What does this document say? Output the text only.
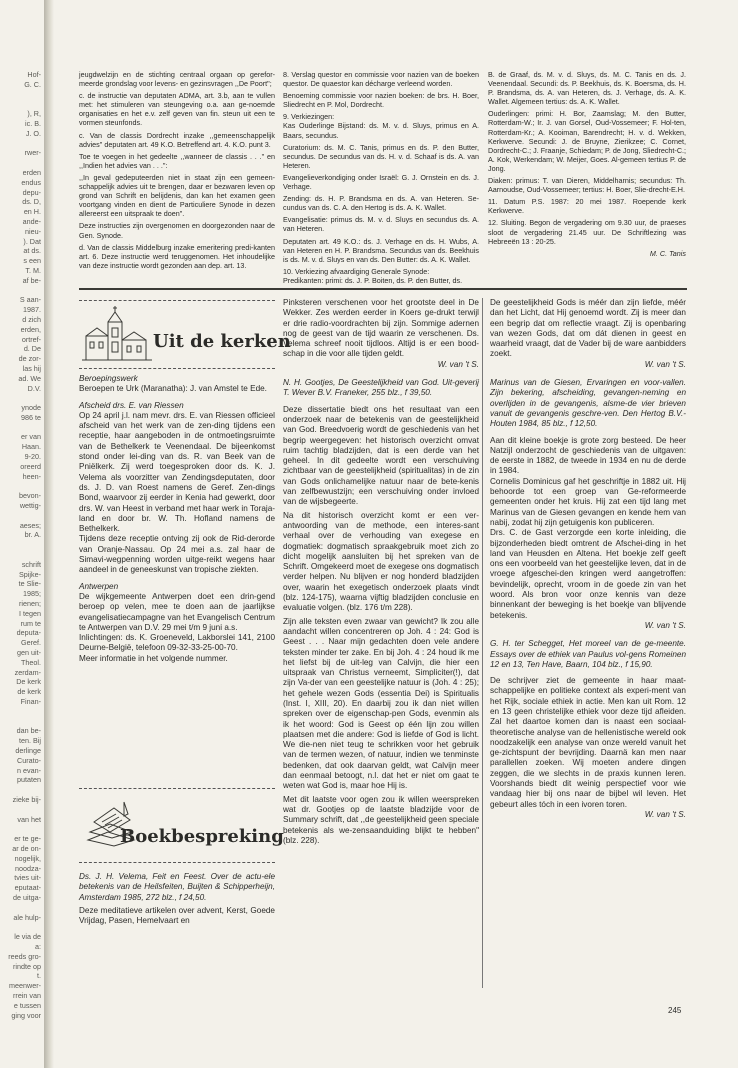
Hof-
G. C.

), R,
ic. B.
J. O.

rwer-

erden
endus
depu-
ds. D,
en H.
ande-
nieu-
). Dat
at ds.
s een
T. M.
af be-

S aan-
1987.
d zich
erden,
ortref-
d. De
de zor-
las hij
ad. We
D.V.

ynode
986 te

er van
Haan.
9-20.
oreerd
heen-

bevon-
wettig-

aeses;
br. A.

schrift
Spijke-
te Slie-
1985;
rienen;
I tegen
rum te
deputa-
Geref.
gen uit-
Theol.
zerdam-
De kerk
de kerk
Finan-

dan be-
ten. Bij
derlinge
Curato-
n evan-
putaten

zieke bij-

van het

er te ge-
ar de on-
nogelijk,
noodza-
tvies uit-
eputaat-
de uitga-

ale hulp-

le via de
a:
reeds gro-
rindte op
t.
meenwer-
rrein van
e tussen
ging voor

jeugdwelzijn en de stichting centraal orgaan op gerefor-meerde grondslag voor levens- en gezinsvragen ,,De Poort";

c. de instructie van deputaten ADMA, art. 3.b, aan te vullen met: het stimuleren van steungeving o.a. aan ge-noemde organisaties en het e.v. zelf geven van fin. steun uit een te vormen steunfonds.

c. Van de classis Dordrecht inzake ,,gemeenschappelijk advies" deputaten art. 49 K.O. Betreffend art. 4. K.O. punt 3.

Toe te voegen in het gedeelte ,,wanneer de classis . . ." en ,,Indien het advies van . . .":

,,In geval gedeputeerden niet in staat zijn een gemeen-schappelijk advies uit te brengen, daar er bezwaren leven op grond van Schrift en belijdenis, dan kan het examen geen voortgang vinden en dient de Particuliere Synode in dezen allereerst een uitspraak te doen".

Deze instructies zijn overgenomen en doorgezonden naar de Gen. Synode.

d. Van de classis Middelburg inzake emeritering predi-kanten art. 6. Deze instructie werd teruggenomen. Het inhoudelijke van deze instructie wordt gezonden aan dep. art. 13.

8. Verslag questor en commissie voor nazien van de boeken questor. De quaestor kan décharge verleend worden.

Benoeming commissie voor nazien boeken: de brs. H. Boer, Sliedrecht en P. Mol, Dordrecht.

9. Verkiezingen:

Kas Ouderlinge Bijstand: ds. M. v. d. Sluys, primus en A. Baars, secundus.

Curatorium: ds. M. C. Tanis, primus en ds. P. den Butter, secundus. De secundus van ds. H. v. d. Schaaf is ds. A. van Heteren.

Evangelieverkondiging onder Israël: G. J. Ornstein en ds. J. Verhage.

Zending: ds. H. P. Brandsma en ds. A. van Heteren. Se-cundus van ds. C. A. den Hertog is ds. A. K. Wallet.

Evangelisatie: primus ds. M. v. d. Sluys en secundus ds. A. van Heteren.

Deputaten art. 49 K.O.: ds. J. Verhage en ds. H. Wubs, A. van Heteren en H. P. Brandsma. Secundus van ds. Beekhuis is ds. M. v. d. Sluys en van ds. Den Butter: ds. A. K. Wallet.

10. Verkiezing afvaardiging Generale Synode:

Predikanten: primi: ds. J. P. Boiten, ds. P. den Butter, ds.

B. de Graaf, ds. M. v. d. Sluys, ds. M. C. Tanis en ds. J. Veenendaal. Secundi: ds. P. Beekhuis, ds. K. Boersma, ds. H. P. Brandsma, ds. A. van Heteren, ds. J. Verhage, ds. A. K. Wallet. Algemeen tertius: ds. A. K. Wallet.

Ouderlingen: primi: H. Bor, Zaamslag; M. den Butter, Rotterdam-W.; Ir. J. van Gorsel, Oud-Vossemeer; F. Hol-ten, Rotterdam-Kr.; A. Kooiman, Barendrecht; H. v. d. Wekken, Kerkwerve. Secundi: J. de Bruyne, Zierikzee; C. Cornet, Dordrecht-C.; J. Fraanje, Schiedam; P. de Jong, Sliedrecht-C.; A. Kok, Werkendam; W. Meijer, Goes. Al-gemeen tertius P. de Jong.

Diaken: primus: T. van Dieren, Middelharnis; secundus: Th. Aarnoudse, Oud-Vossemeer; tertius: H. Boer, Slie-drecht-E.H.

11. Datum P.S. 1987: 20 mei 1987. Roepende kerk Kerkwerve.

12. Sluiting. Begon de vergadering om 9.30 uur, de praeses sloot de vergadering 21.45 uur. De Schriftlezing was Hebreeën 13 : 20-25.

M. C. Tanis

Uit de kerken

Beroepingswerk

Beroepen te Urk (Maranatha): J. van Amstel te Ede.

Afscheid drs. E. van Riessen

Op 24 april j.l. nam mevr. drs. E. van Riessen officieel afscheid van het werk van de zen-ding tijdens een receptie, haar aangeboden in de ontmoetingsruimte van de Bethelkerk te Veenendaal. De bijeenkomst stond onder lei-ding van ds. R. van Beek van de Pniëlkerk. Zij werd toegesproken door ds. K. J. Velema als voorzitter van Zendingsdeputaten, door ds. J. D. van Roest namens de Geref. Zen-dings Bond, waarvoor zij eerder in Kenia had gewerkt, door drs. W. van Heest in verband met haar werk in Toraja-land en door br. W. Th. Hofland namens de Bethelkerk.

Tijdens deze receptie ontving zij ook de Rid-derorde van Oranje-Nassau. Op 24 mei a.s. zal haar de Simavi-wegpenning worden uitge-reikt wegens haar aandeel in de geneeskunst van tropische ziekten.

Antwerpen

De wijkgemeente Antwerpen doet een drin-gend beroep op velen, mee te doen aan de jaarlijkse evangelisatiecampagne van het Evangelisch Centrum te Antwerpen van D.V. 29 mei t/m 9 juni a.s.

Inlichtingen: ds. K. Groeneveld, Lakborslei 141, 2100 Deurne-België, telefoon 09-32-33-25-00-70.

Meer informatie in het volgende nummer.

Boekbespreking

Ds. J. H. Velema, Feit en Feest. Over de actu-ele betekenis van de Heilsfeiten, Buijten & Schipperheijn, Amsterdam 1985, 272 blz., f 24,50.

Deze meditatieve artikelen over advent, Kerst, Goede Vrijdag, Pasen, Hemelvaart en

Pinksteren verschenen voor het grootste deel in De Wekker. Zes werden eerder in Koers ge-drukt terwijl er drie radio-voordrachten bij zijn. Sommige adernen nog de geest van de tijd waarin ze verschenen. Ds. Velema schreef nooit tijdloos. Altijd is er een bood-schap in die voor alle tijden geldt.

W. van 't S.

N. H. Gootjes, De Geestelijkheid van God. Uit-geverij T. Wever B.V. Franeker, 255 blz., f 39,50.

Deze dissertatie biedt ons het resultaat van een onderzoek naar de betekenis van de geestelijkheid van God. Breedvoerig wordt de geschiedenis van het begrip weergegeven: het historisch overzicht omvat ruim tachtig bladzijden, dat is een derde van het geheel. In dit gedeelte wordt een verschuiving zichtbaar van de geestelijkheid (spiritualitas) in de zin van Gods onlichamelijke natuur naar de bete-kenis van zelfbewustzijn; een verschuiving onder invloed van de wijsbegeerte.

Na dit historisch overzicht komt er een ver-antwoording van de methode, een interes-sant verhaal over de verhouding van exegese en dogmatiek: dogmatisch spraakgebruik moet zich zo dicht mogelijk aansluiten bij het spreken van de Schrift. Omgekeerd moet de exegese ons dogmatisch verder helpen. Nu blijven er nog honderd bladzijden over, waarin het exegetisch onderzoek plaats vindt (blz. 124-175), waarna vijftig bladzijden conclusie en evaluatie volgen. (blz. 176 t/m 228).

Zijn alle teksten even zwaar van gewicht? Ik zou alle aandacht willen concentreren op Joh. 4 : 24: God is Geest . . . Naar mijn gedachten doen vele andere teksten minder ter zake. En bij Joh. 4 : 24 houd ik me het liefst bij de uit-leg van Calvijn, die hier een uitspraak van Christus verneemt, Simpliciter(!), dat zijn Va-der van een geestelijke natuur is (Joh. 4 : 25); het gehele wezen Gods (essentia Dei) is Spiritualis (Inst. I, XIII, 20). En daarbij zou ik dan niet willen spreken over de eigenschap-pen Gods, evenmin als ik het woord: God is Geest op één lijn zou willen plaatsen met die andere: God is liefde of God is licht. We die-nen niet teug te schrikken voor het gebruik van de termen wezen, of natuur, indien we tenminste bedenken, dat ook daarvan geldt, wat Calvijn meer dan eenmaal betoogt, n.l. dat het er niet om gaat te weten wat God is, maar hoe Hij is.

Met dit laatste voor ogen zou ik willen weerspreken wat dr. Gootjes op de laatste bladzijde voor de Summary schrift, dat ,,de geestelijkheid geen speciale betekenis als we-zensaanduiding blijkt te hebben" (blz. 228).

De geestelijkheid Gods is méér dan zijn liefde, méér dan het Licht, dat Hij genoemd wordt. Zij is meer dan een begrip dat om reflectie vraagt. Zij is openbaring van wezen Gods, dat om dát dienen in geest en waarheid vraagt, dat de Vader bij de ware aanbidders zoekt.

W. van 't S.

Marinus van de Giesen, Ervaringen en voor-vallen. Zijn bekering, afscheiding, gevangen-neming en overlijden in de gevangenis, alsme-de vier brieven vanuit de gevangenis geschre-ven. Den Hertog B.V.-Houten 1984, 85 blz., f 12,50.

Aan dit kleine boekje is grote zorg besteed. De heer Natzijl onderzocht de geschiedenis van de uitgaven: de eerste in 1882, de tweede in 1934 en nu de derde in 1984.

Cornelis Dominicus gaf het geschriftje in 1882 uit. Hij behoorde tot een groep van Ge-reformeerde gemeenten onder het kruis. Hij zat een tijd lang met Marinus van de Giesen gevangen en kende hem van nabij, zodat hij zijn getuigenis kon publiceren.

Drs. C. de Gast verzorgde een korte inleiding, die bijzonderheden biedt omtrent de Afschei-ding in het land van Heusden en Altena. Het boekje zelf geeft ons een voorbeeld van het geestelijke leven, dat in de vroege afgeschei-den kringen werd aangetroffen: bevindelijk, oprecht, vroom in de goede zin van het woord. Als bron voor onze kennis van deze binnenkant der beweging is het boekje van blijvende betekenis.

W. van 't S.

G. H. ter Schegget, Het moreel van de ge-meente. Essays over de ethiek van Paulus vol-gens Romeinen 12 en 13, Ten Have, Baarn, 104 blz., f 15,90.

De schrijver ziet de gemeente in haar maat-schappelijke en politieke context als experi-ment van het Rijk, sociale ethiek in actie. Men kan uit Rom. 12 en 13 geen christelijke ethiek voor deze tijd afleiden. Zal het daartoe komen dan is naast een sociaal-theoretische analyse van de hellenistische wereld ook noodzakelijk een analyse van onze wereld vanuit het ge-zichtspunt der bevrijding. Daarnä kan men naar parallellen zoeken. Wij moeten andere dingen zeggen, die we slechts in de praxis kunnen leren. Voorshands biedt dit weinig perspectief voor wie vandaag hier bij ons naar de bijbel wil leven. Het gebeurt alles tóch in een ivoren toren.

W. van 't S.

245
